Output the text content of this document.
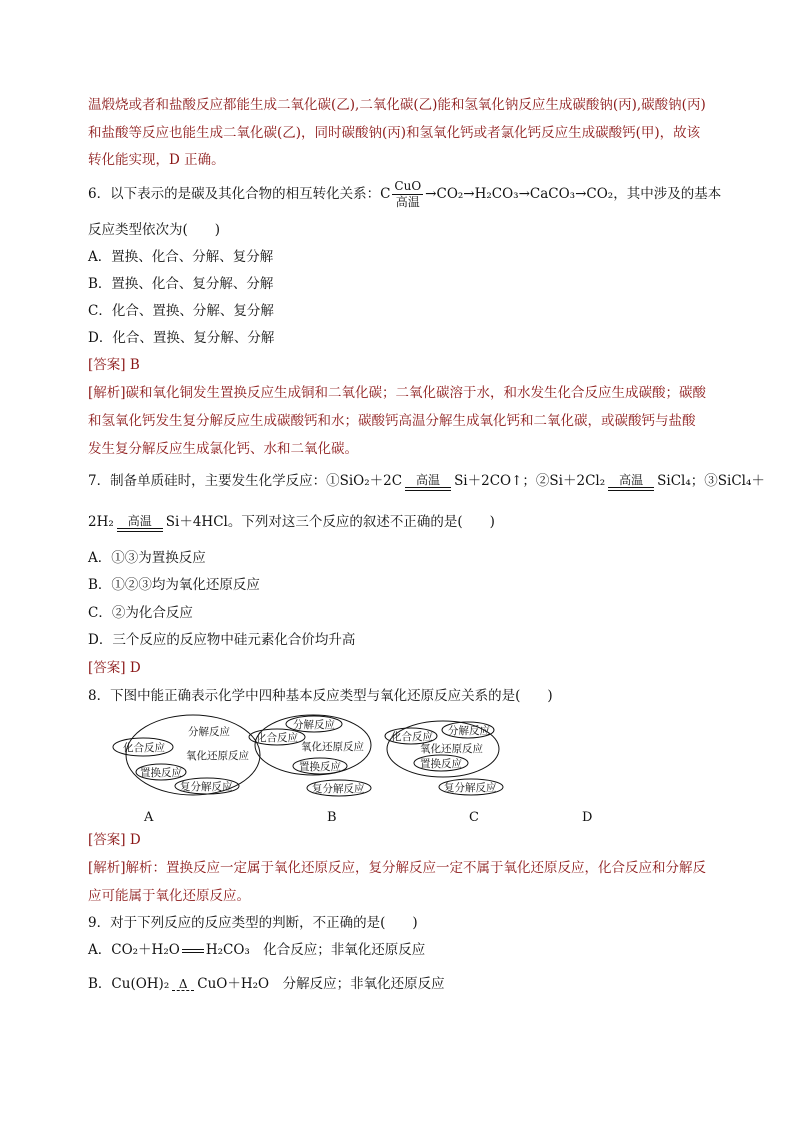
温煅烧或者和盐酸反应都能生成二氧化碳(乙),二氧化碳(乙)能和氢氧化钠反应生成碳酸钠(丙),碳酸钠(丙)
和盐酸等反应也能生成二氧化碳(乙)，同时碳酸钠(丙)和氢氧化钙或者氯化钙反应生成碳酸钙(甲)，故该
转化能实现，D 正确。
6．以下表示的是碳及其化合物的相互转化关系：C $\frac{\text{CuO}}{\text{高温}}$ →CO₂→H₂CO₃→CaCO₃→CO₂，其中涉及的基本
反应类型依次为(　　)
A．置换、化合、分解、复分解
B．置换、化合、复分解、分解
C．化合、置换、分解、复分解
D．化合、置换、复分解、分解
[答案] B
[解析]碳和氧化铜发生置换反应生成铜和二氧化碳；二氧化碳溶于水，和水发生化合反应生成碳酸；碳酸
和氢氧化钙发生复分解反应生成碳酸钙和水；碳酸钙高温分解生成氧化钙和二氧化碳，或碳酸钙与盐酸
发生复分解反应生成氯化钙、水和二氧化碳。
7．制备单质硅时，主要发生化学反应：①SiO₂＋2C	高温	Si＋2CO↑；②Si＋2Cl₂	高温	SiCl₄；③SiCl₄＋
2H₂	高温	Si＋4HCl。下列对这三个反应的叙述不正确的是(　　)
A．①③为置换反应
B．①②③均为氧化还原反应
C．②为化合反应
D．三个反应的反应物中硅元素化合价均升高
[答案] D
8．下图中能正确表示化学中四种基本反应类型与氧化还原反应关系的是(　　)
化合反应
分解反应
氧化还原反应
置换反应
复分解反应
分解反应
化合反应
氧化还原反应
置换反应
复分解反应
化合反应 分解反应
氧化还原反应
置换反应
复分解反应
A	B	C	D
[答案] D
[解析]解析：置换反应一定属于氧化还原反应，复分解反应一定不属于氧化还原反应，化合反应和分解反
应可能属于氧化还原反应。
9．对于下列反应的反应类型的判断，不正确的是(　　)
A．CO₂＋H₂O H₂CO₃　化合反应；非氧化还原反应
B．Cu(OH)₂ Δ CuO＋H₂O　分解反应；非氧化还原反应
